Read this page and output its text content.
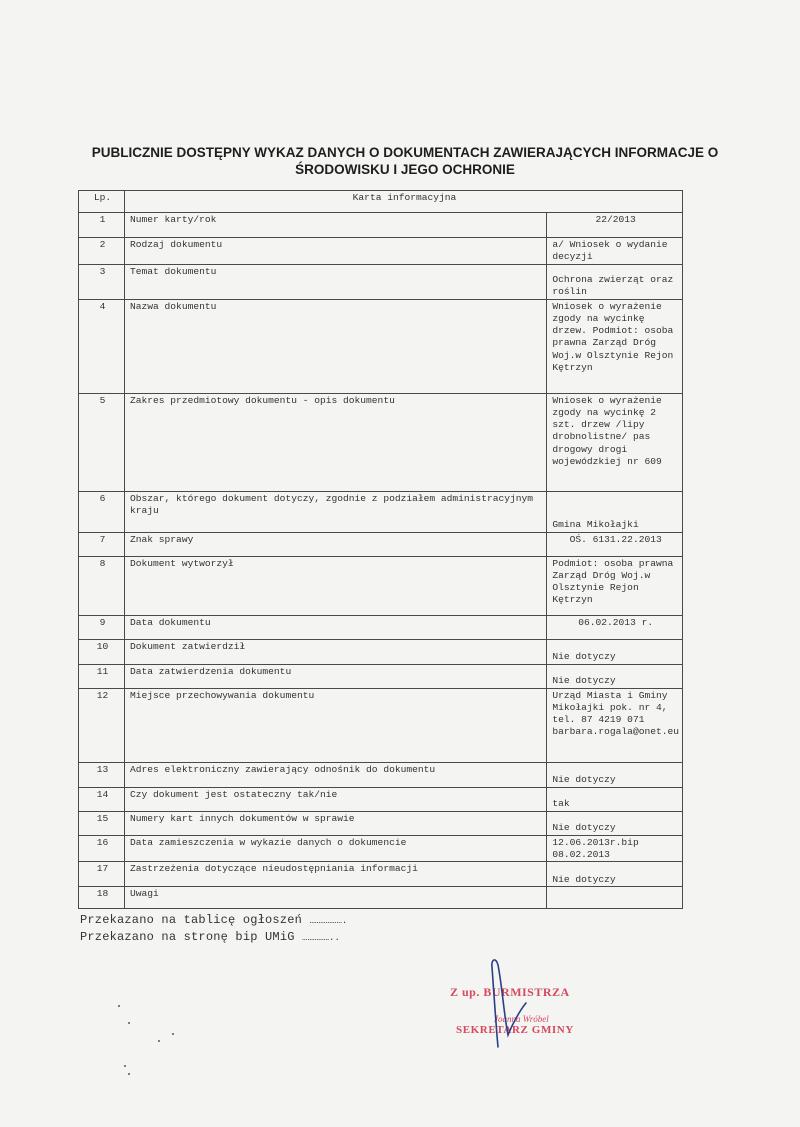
PUBLICZNIE DOSTĘPNY WYKAZ DANYCH O DOKUMENTACH ZAWIERAJĄCYCH INFORMACJE O
ŚRODOWISKU I JEGO OCHRONIE
Lp.	Karta informacyjna	
1	Numer karty/rok	22/2013
2	Rodzaj dokumentu	a/ Wniosek o wydanie decyzji
3	Temat dokumentu	Ochrona zwierząt oraz roślin
4	Nazwa dokumentu	Wniosek o wyrażenie zgody na wycinkę drzew. Podmiot: osoba prawna Zarząd Dróg Woj.w Olsztynie Rejon Kętrzyn
5	Zakres przedmiotowy dokumentu - opis dokumentu	Wniosek o wyrażenie zgody na wycinkę 2 szt. drzew /lipy drobnolistne/ pas drogowy drogi wojewódzkiej nr 609
6	Obszar, którego dokument dotyczy, zgodnie z podziałem administracyjnym kraju	Gmina Mikołajki
7	Znak sprawy	OŚ. 6131.22.2013
8	Dokument wytworzył	Podmiot: osoba prawna Zarząd Dróg Woj.w Olsztynie Rejon Kętrzyn
9	Data dokumentu	06.02.2013 r.
10	Dokument zatwierdził	Nie dotyczy
11	Data zatwierdzenia dokumentu	Nie dotyczy
12	Miejsce przechowywania dokumentu	Urząd Miasta i Gminy Mikołajki pok. nr 4, tel. 87 4219 071 barbara.rogala@onet.eu
13	Adres elektroniczny zawierający odnośnik do dokumentu	Nie dotyczy
14	Czy dokument jest ostateczny tak/nie	tak
15	Numery kart innych dokumentów w sprawie	Nie dotyczy
16	Data zamieszczenia w wykazie danych o dokumencie	12.06.2013r.bip 08.02.2013
17	Zastrzeżenia dotyczące nieudostępniania informacji	Nie dotyczy
18	Uwagi	
Przekazano na tablicę ogłoszeń ……………….
Przekazano na stronę bip UMiG ……………..
Z up. BURMISTRZA
Joanna Wróbel
SEKRETARZ GMINY
